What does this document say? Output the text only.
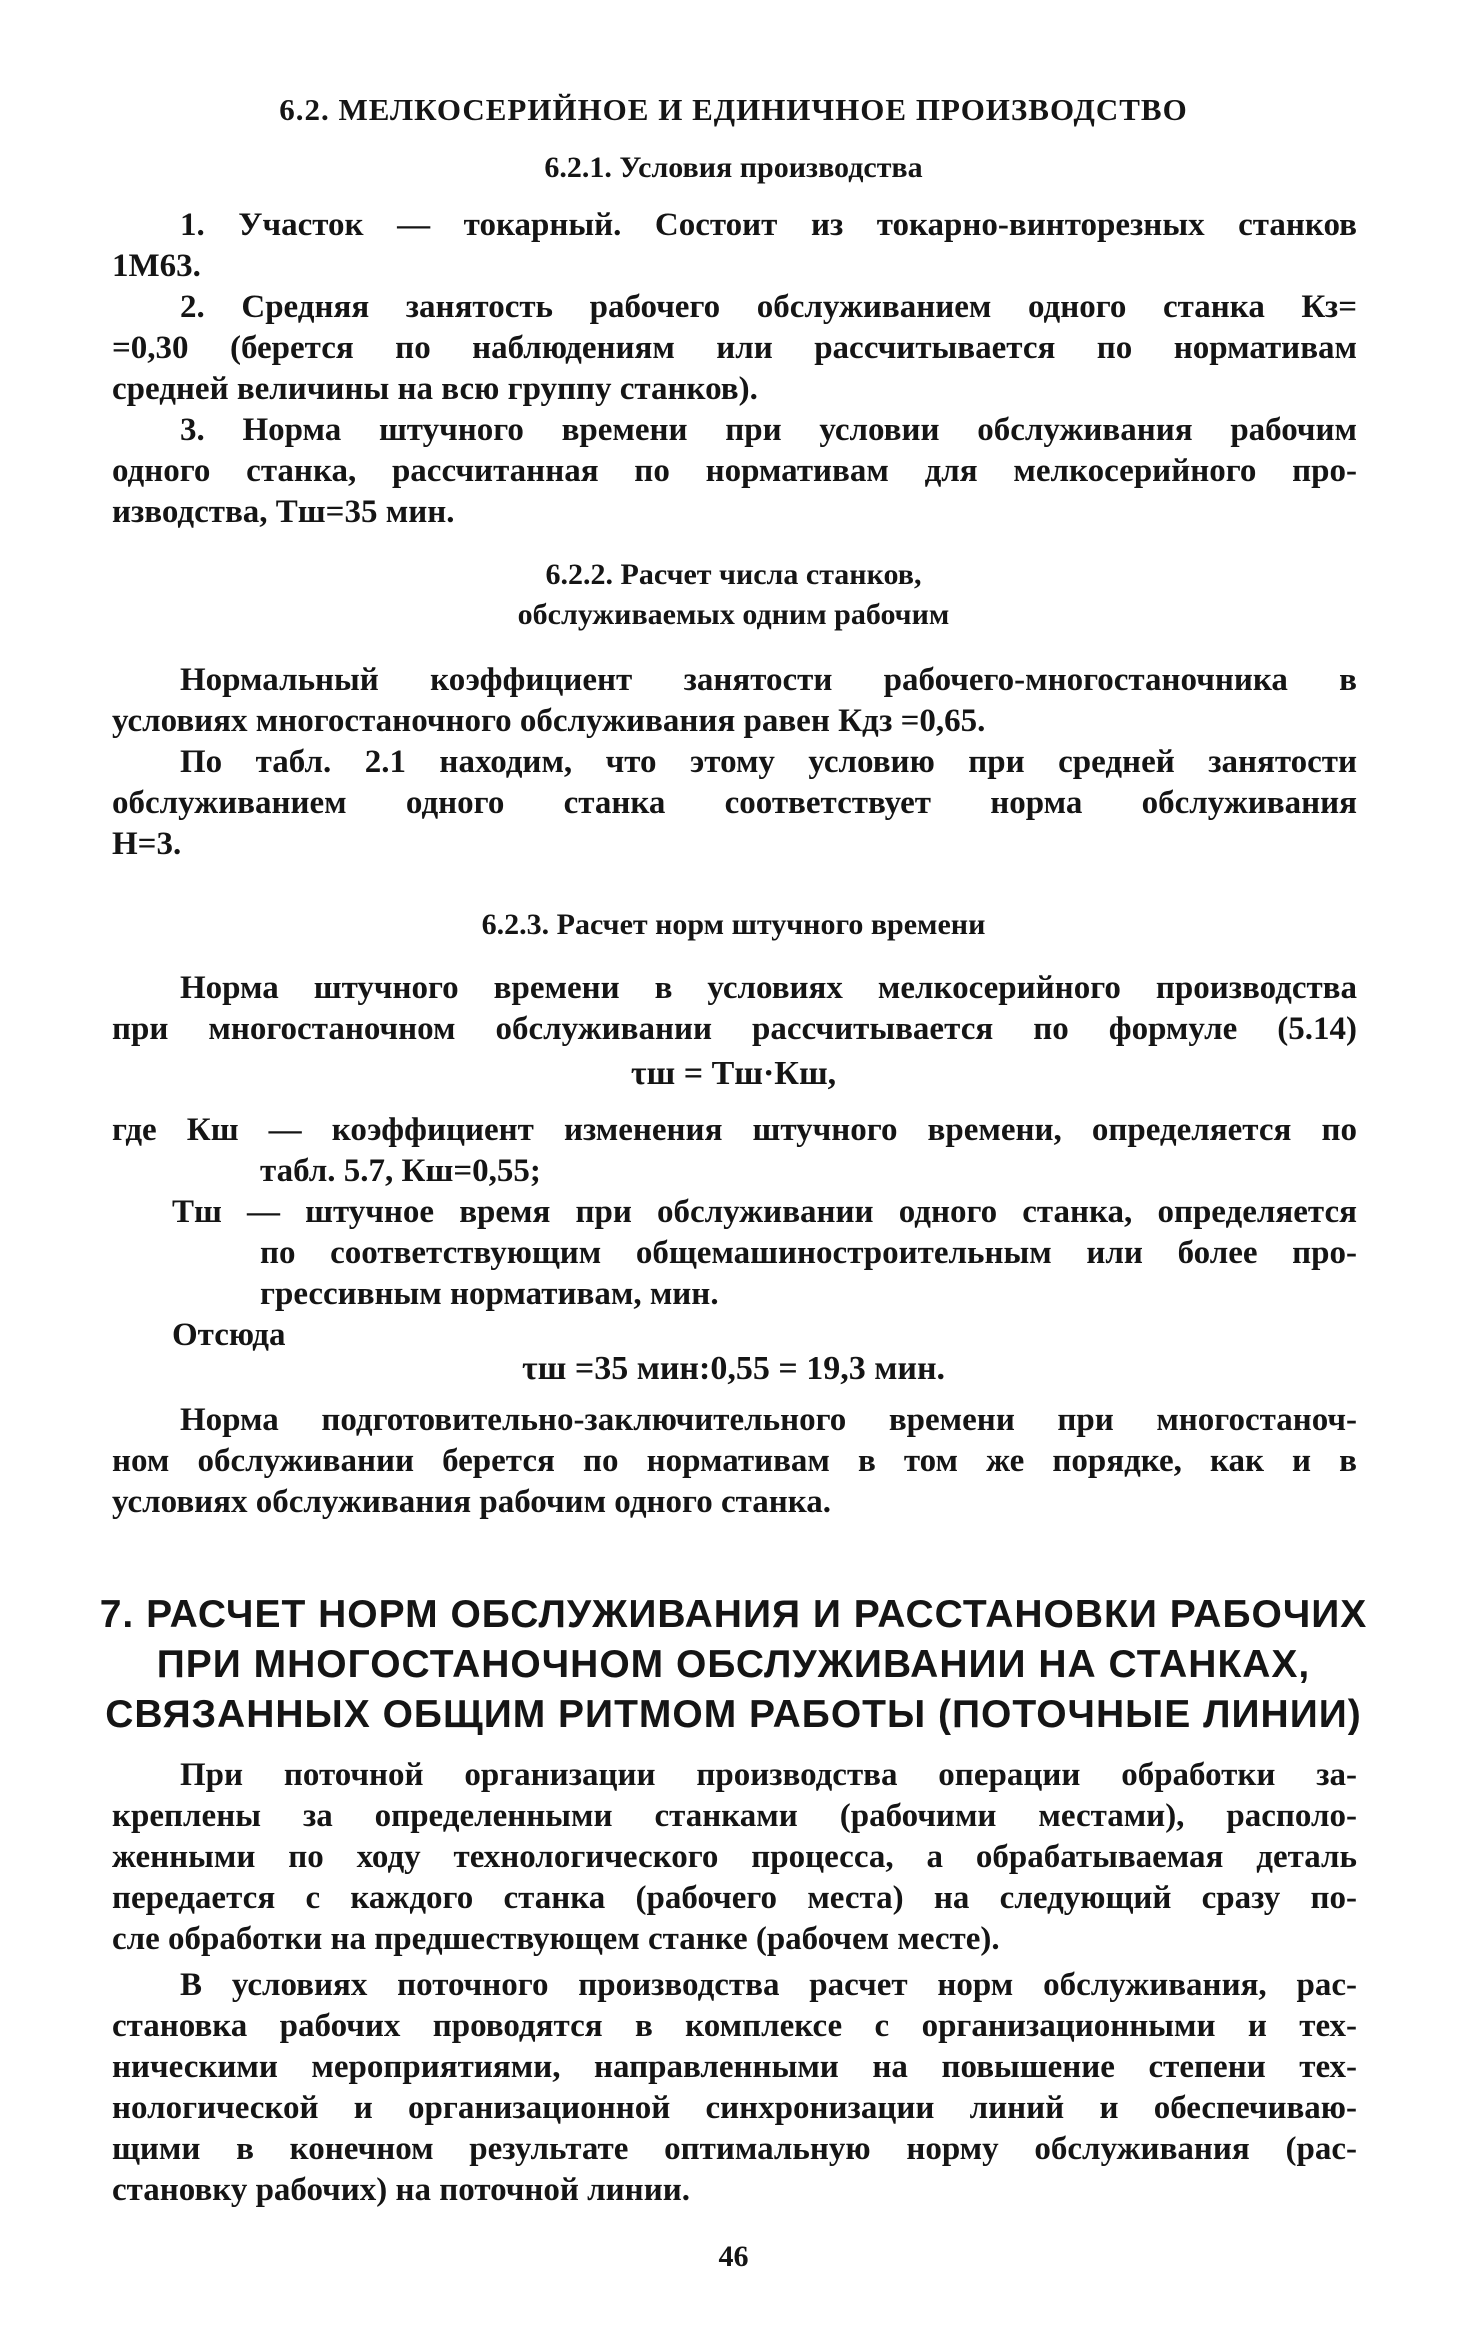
6.2. МЕЛКОСЕРИЙНОЕ И ЕДИНИЧНОЕ ПРОИЗВОДСТВО
6.2.1. Условия производства
1. Участок — токарный. Состоит из токарно-винторезных станков
1М63.
2. Средняя занятость рабочего обслуживанием одного станка Кз=
=0,30 (берется по наблюдениям или рассчитывается по нормативам
средней величины на всю группу станков).
3. Норма штучного времени при условии обслуживания рабочим
одного станка, рассчитанная по нормативам для мелкосерийного про-
изводства, Тш=35 мин.
6.2.2. Расчет числа станков,
обслуживаемых одним рабочим
Нормальный коэффициент занятости рабочего-многостаночника в
условиях многостаночного обслуживания равен Кдз =0,65.
По табл. 2.1 находим, что этому условию при средней занятости
обслуживанием одного станка соответствует норма обслуживания
Н=3.
6.2.3. Расчет норм штучного времени
Норма штучного времени в условиях мелкосерийного производства
при многостаночном обслуживании рассчитывается по формуле (5.14)
τш = Тш·Кш,
где Кш — коэффициент изменения штучного времени, определяется по
табл. 5.7, Кш=0,55;
Тш — штучное время при обслуживании одного станка, определяется
по соответствующим общемашиностроительным или более про-
грессивным нормативам, мин.
Отсюда
τш =35 мин:0,55 = 19,3 мин.
Норма подготовительно-заключительного времени при многостаноч-
ном обслуживании берется по нормативам в том же порядке, как и в
условиях обслуживания рабочим одного станка.
7. РАСЧЕТ НОРМ ОБСЛУЖИВАНИЯ И РАССТАНОВКИ РАБОЧИХ
ПРИ МНОГОСТАНОЧНОМ ОБСЛУЖИВАНИИ НА СТАНКАХ,
СВЯЗАННЫХ ОБЩИМ РИТМОМ РАБОТЫ (ПОТОЧНЫЕ ЛИНИИ)
При поточной организации производства операции обработки за-
креплены за определенными станками (рабочими местами), располо-
женными по ходу технологического процесса, а обрабатываемая деталь
передается с каждого станка (рабочего места) на следующий сразу по-
сле обработки на предшествующем станке (рабочем месте).
В условиях поточного производства расчет норм обслуживания, рас-
становка рабочих проводятся в комплексе с организационными и тех-
ническими мероприятиями, направленными на повышение степени тех-
нологической и организационной синхронизации линий и обеспечиваю-
щими в конечном результате оптимальную норму обслуживания (рас-
становку рабочих) на поточной линии.
46
